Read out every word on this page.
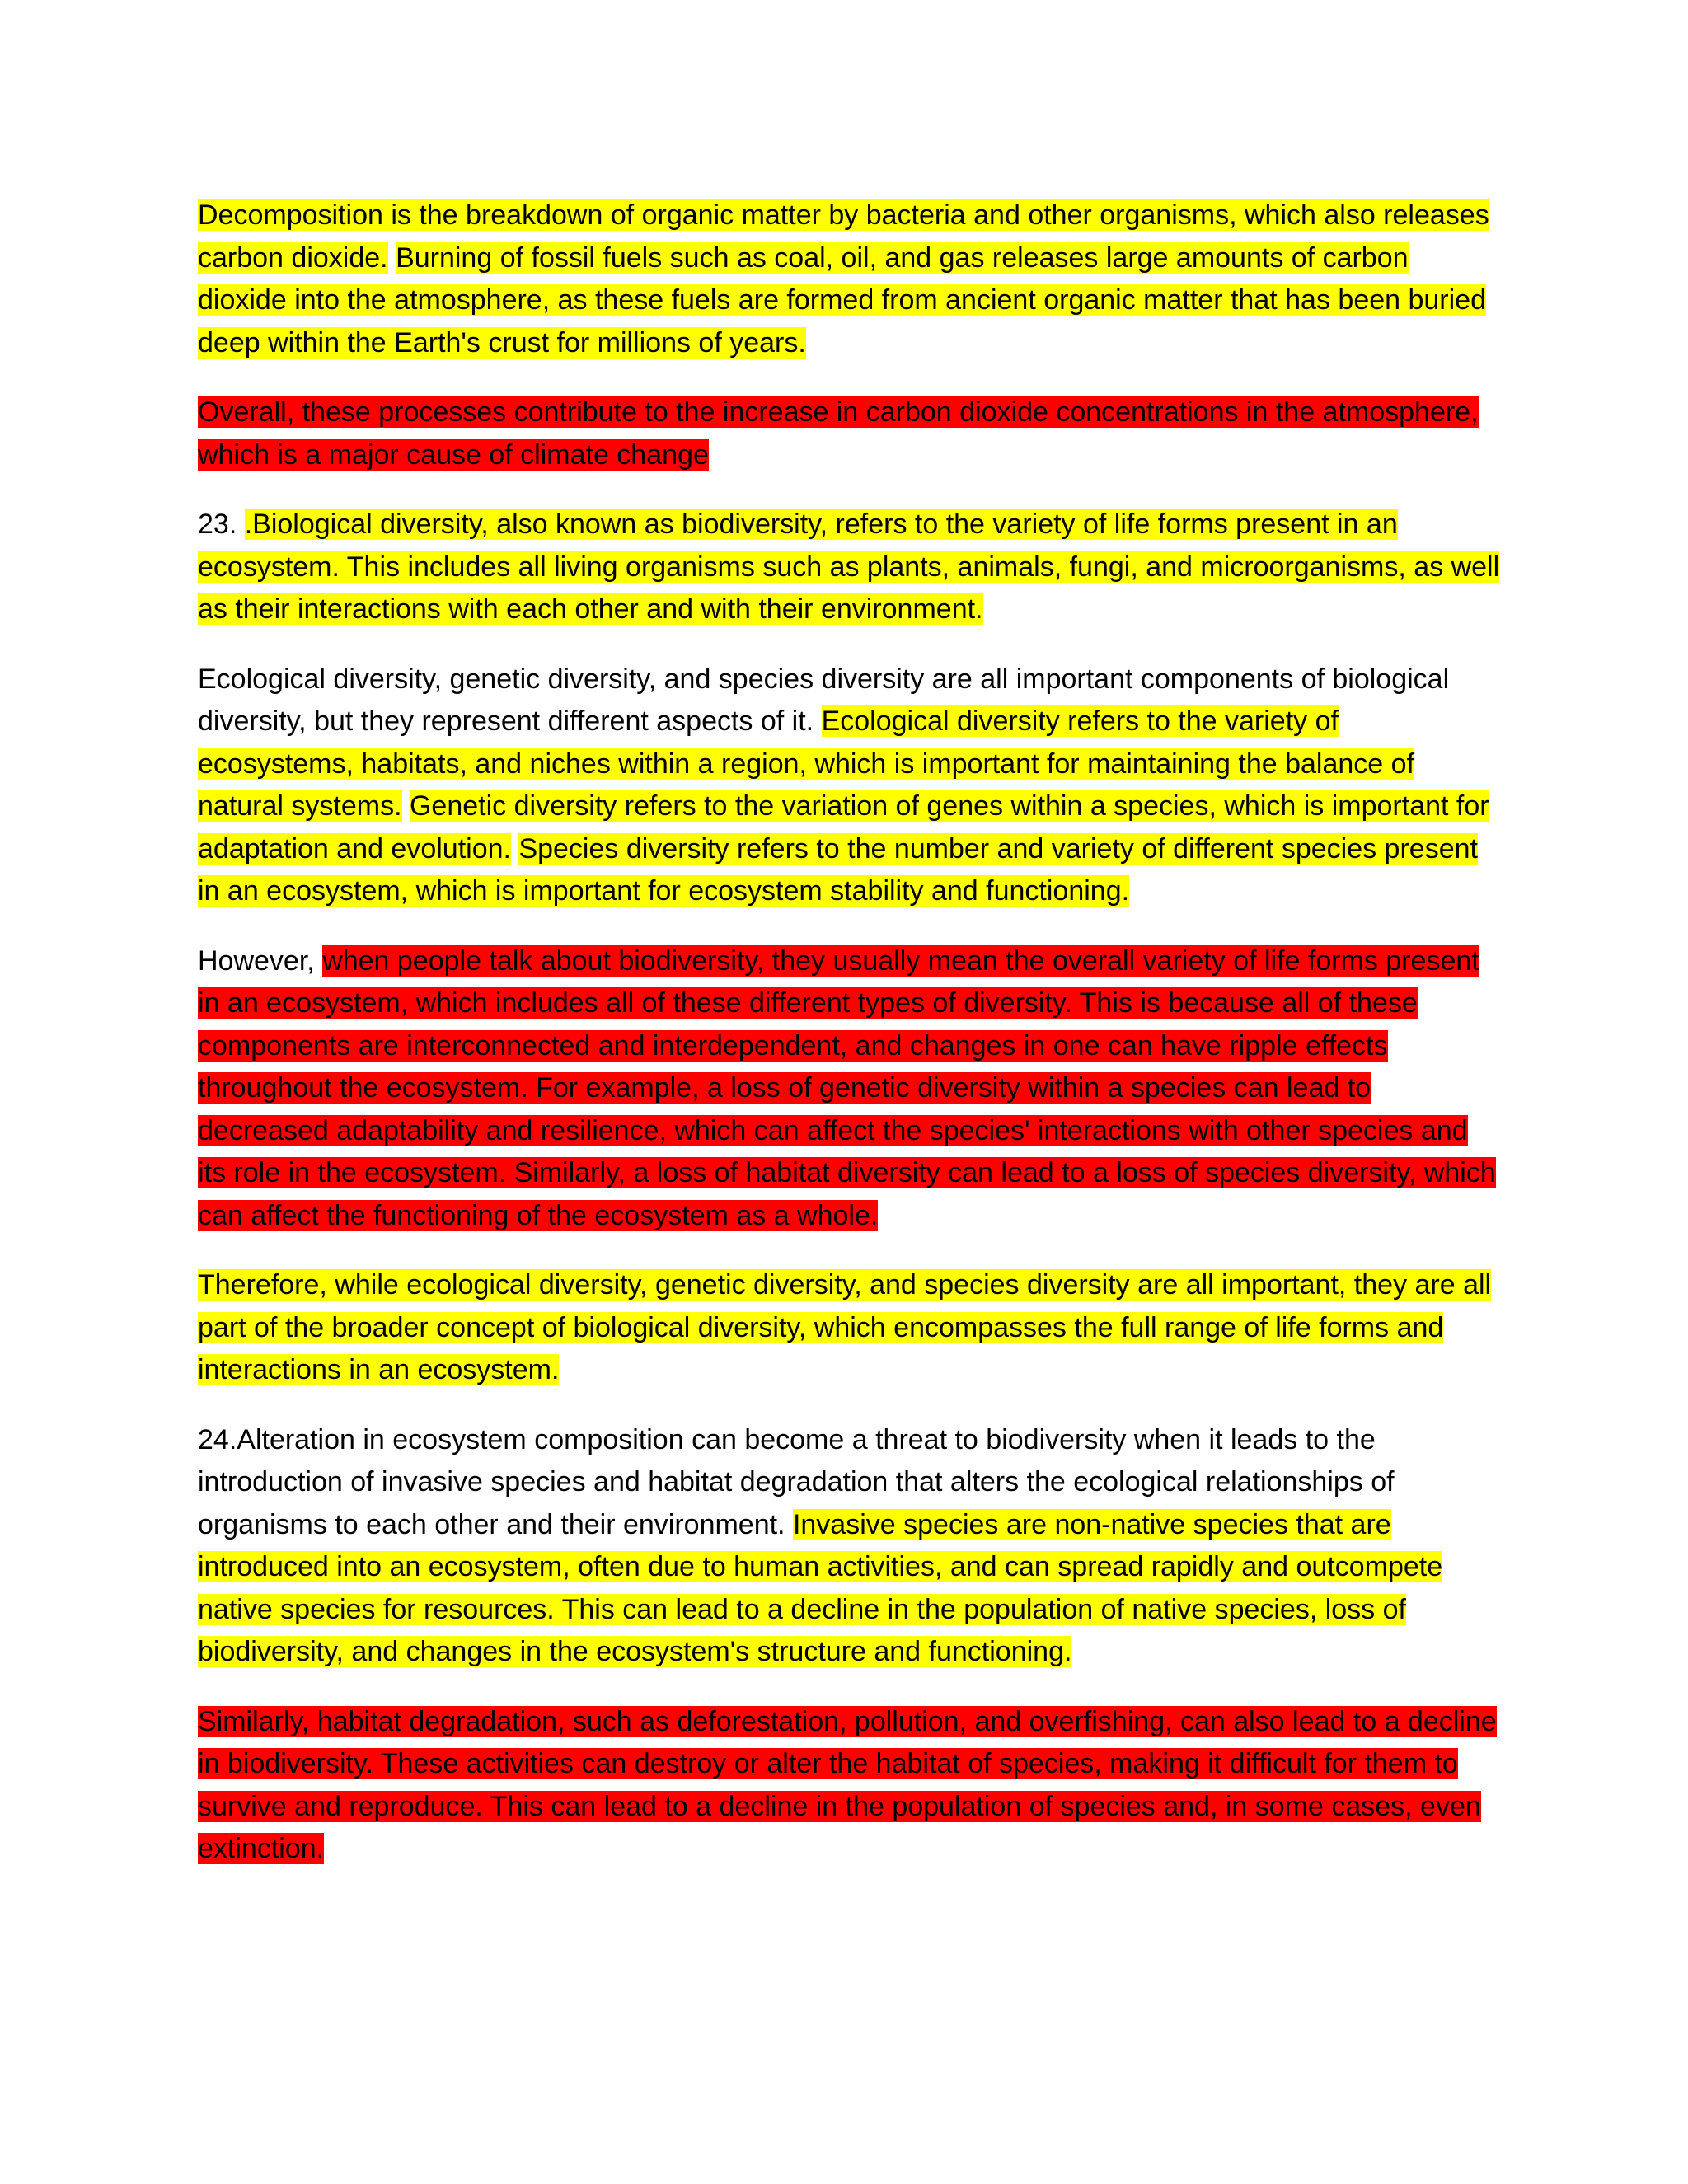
Decomposition is the breakdown of organic matter by bacteria and other organisms, which also releases carbon dioxide. Burning of fossil fuels such as coal, oil, and gas releases large amounts of carbon dioxide into the atmosphere, as these fuels are formed from ancient organic matter that has been buried deep within the Earth's crust for millions of years.

Overall, these processes contribute to the increase in carbon dioxide concentrations in the atmosphere, which is a major cause of climate change

23. .Biological diversity, also known as biodiversity, refers to the variety of life forms present in an ecosystem. This includes all living organisms such as plants, animals, fungi, and microorganisms, as well as their interactions with each other and with their environment.

Ecological diversity, genetic diversity, and species diversity are all important components of biological diversity, but they represent different aspects of it. Ecological diversity refers to the variety of ecosystems, habitats, and niches within a region, which is important for maintaining the balance of natural systems. Genetic diversity refers to the variation of genes within a species, which is important for adaptation and evolution. Species diversity refers to the number and variety of different species present in an ecosystem, which is important for ecosystem stability and functioning.

However, when people talk about biodiversity, they usually mean the overall variety of life forms present in an ecosystem, which includes all of these different types of diversity. This is because all of these components are interconnected and interdependent, and changes in one can have ripple effects throughout the ecosystem. For example, a loss of genetic diversity within a species can lead to decreased adaptability and resilience, which can affect the species' interactions with other species and its role in the ecosystem. Similarly, a loss of habitat diversity can lead to a loss of species diversity, which can affect the functioning of the ecosystem as a whole.

Therefore, while ecological diversity, genetic diversity, and species diversity are all important, they are all part of the broader concept of biological diversity, which encompasses the full range of life forms and interactions in an ecosystem.

24.Alteration in ecosystem composition can become a threat to biodiversity when it leads to the introduction of invasive species and habitat degradation that alters the ecological relationships of organisms to each other and their environment. Invasive species are non-native species that are introduced into an ecosystem, often due to human activities, and can spread rapidly and outcompete native species for resources. This can lead to a decline in the population of native species, loss of biodiversity, and changes in the ecosystem's structure and functioning.

Similarly, habitat degradation, such as deforestation, pollution, and overfishing, can also lead to a decline in biodiversity. These activities can destroy or alter the habitat of species, making it difficult for them to survive and reproduce. This can lead to a decline in the population of species and, in some cases, even extinction.
